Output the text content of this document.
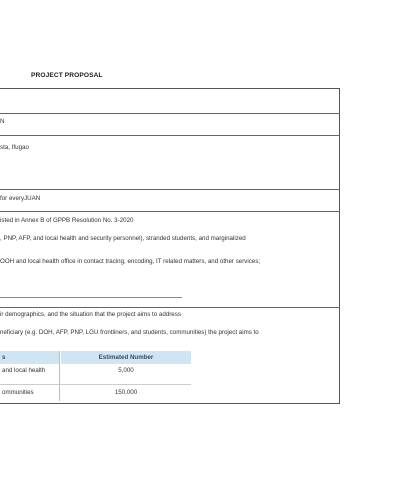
PROJECT PROPOSAL
N
sta, Ifugao
for everyJUAN
isted in Annex B of GPPB Resolution No. 3-2020
, PNP, AFP, and local health and security personnel), stranded students, and marginalized
OOH and local health office in contact tracing, encoding, IT related matters, and other services;
ir demographics, and the situation that the project aims to address
neficiary (e.g. DOH, AFP, PNP, LGU frontliners, and students, communities) the project aims to
s	Estimated Number
and local health	5,000
ommunities	150,000
